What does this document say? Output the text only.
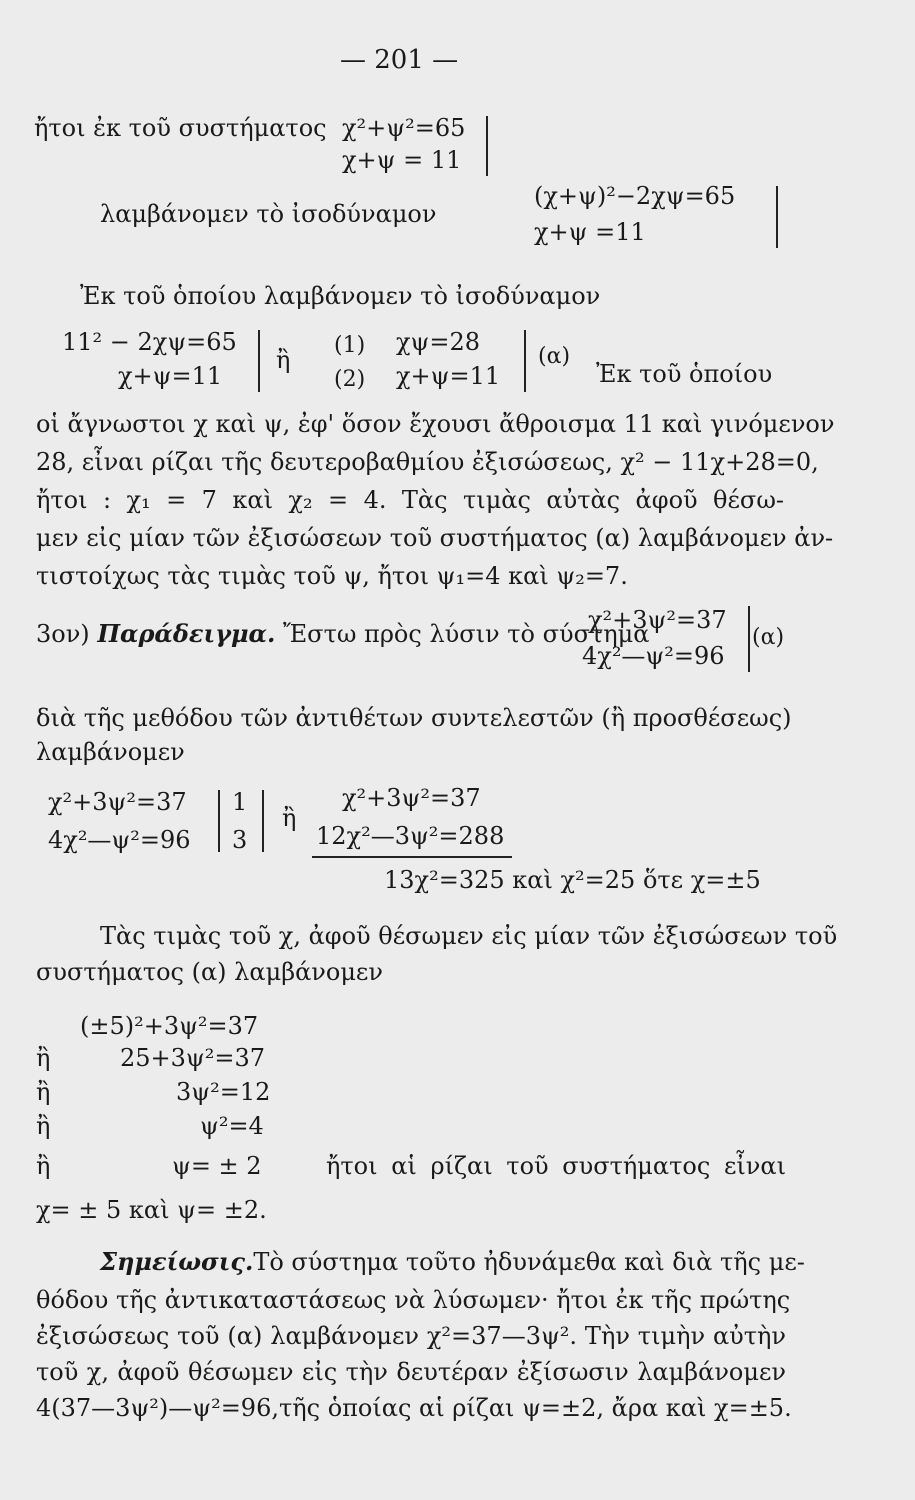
— 201 —
ἤτοι ἐκ τοῦ συστήματος χ²+ψ²=65
χ+ψ = 11
λαμβάνομεν τὸ ἰσοδύναμον
(χ+ψ)²−2χψ=65
χ+ψ =11
Ἐκ τοῦ ὁποίου λαμβάνομεν τὸ ἰσοδύναμον
11² − 2χψ=65
χ+ψ=11
ἢ
(1) χψ=28
(2) χ+ψ=11
(α)
Ἐκ τοῦ ὁποίου
οἱ ἄγνωστοι χ καὶ ψ, ἐφ' ὅσον ἔχουσι ἄθροισμα 11 καὶ γινόμενον
28, εἶναι ρίζαι τῆς δευτεροβαθμίου ἐξισώσεως, χ² − 11χ+28=0,
ἤτοι : χ₁ = 7 καὶ χ₂ = 4. Τὰς τιμὰς αὐτὰς ἀφοῦ θέσω-
μεν εἰς μίαν τῶν ἐξισώσεων τοῦ συστήματος (α) λαμβάνομεν ἀν-
τιστοίχως τὰς τιμὰς τοῦ ψ, ἤτοι ψ₁=4 καὶ ψ₂=7.
3ον) Παράδειγμα. Ἔστω πρὸς λύσιν τὸ σύστημα
χ²+3ψ²=37
4χ²—ψ²=96
(α)
διὰ τῆς μεθόδου τῶν ἀντιθέτων συντελεστῶν (ἢ προσθέσεως)
λαμβάνομεν
χ²+3ψ²=37
4χ²—ψ²=96
1
3
ἢ
χ²+3ψ²=37
12χ²—3ψ²=288
13χ²=325 καὶ χ²=25 ὅτε χ=±5
Τὰς τιμὰς τοῦ χ, ἀφοῦ θέσωμεν εἰς μίαν τῶν ἐξισώσεων τοῦ
συστήματος (α) λαμβάνομεν
(±5)²+3ψ²=37
ἢ	25+3ψ²=37
ἢ	3ψ²=12
ἢ	ψ²=4
ἢ	ψ= ± 2	ἤτοι αἱ ρίζαι τοῦ συστήματος εἶναι
χ= ± 5 καὶ ψ= ±2.
Σημείωσις. Τὸ σύστημα τοῦτο ἠδυνάμεθα καὶ διὰ τῆς με-
θόδου τῆς ἀντικαταστάσεως νὰ λύσωμεν· ἤτοι ἐκ τῆς πρώτης
ἐξισώσεως τοῦ (α) λαμβάνομεν χ²=37—3ψ². Τὴν τιμὴν αὐτὴν
τοῦ χ, ἀφοῦ θέσωμεν εἰς τὴν δευτέραν ἐξίσωσιν λαμβάνομεν
4(37—3ψ²)—ψ²=96,τῆς ὁποίας αἱ ρίζαι ψ=±2, ἄρα καὶ χ=±5.
